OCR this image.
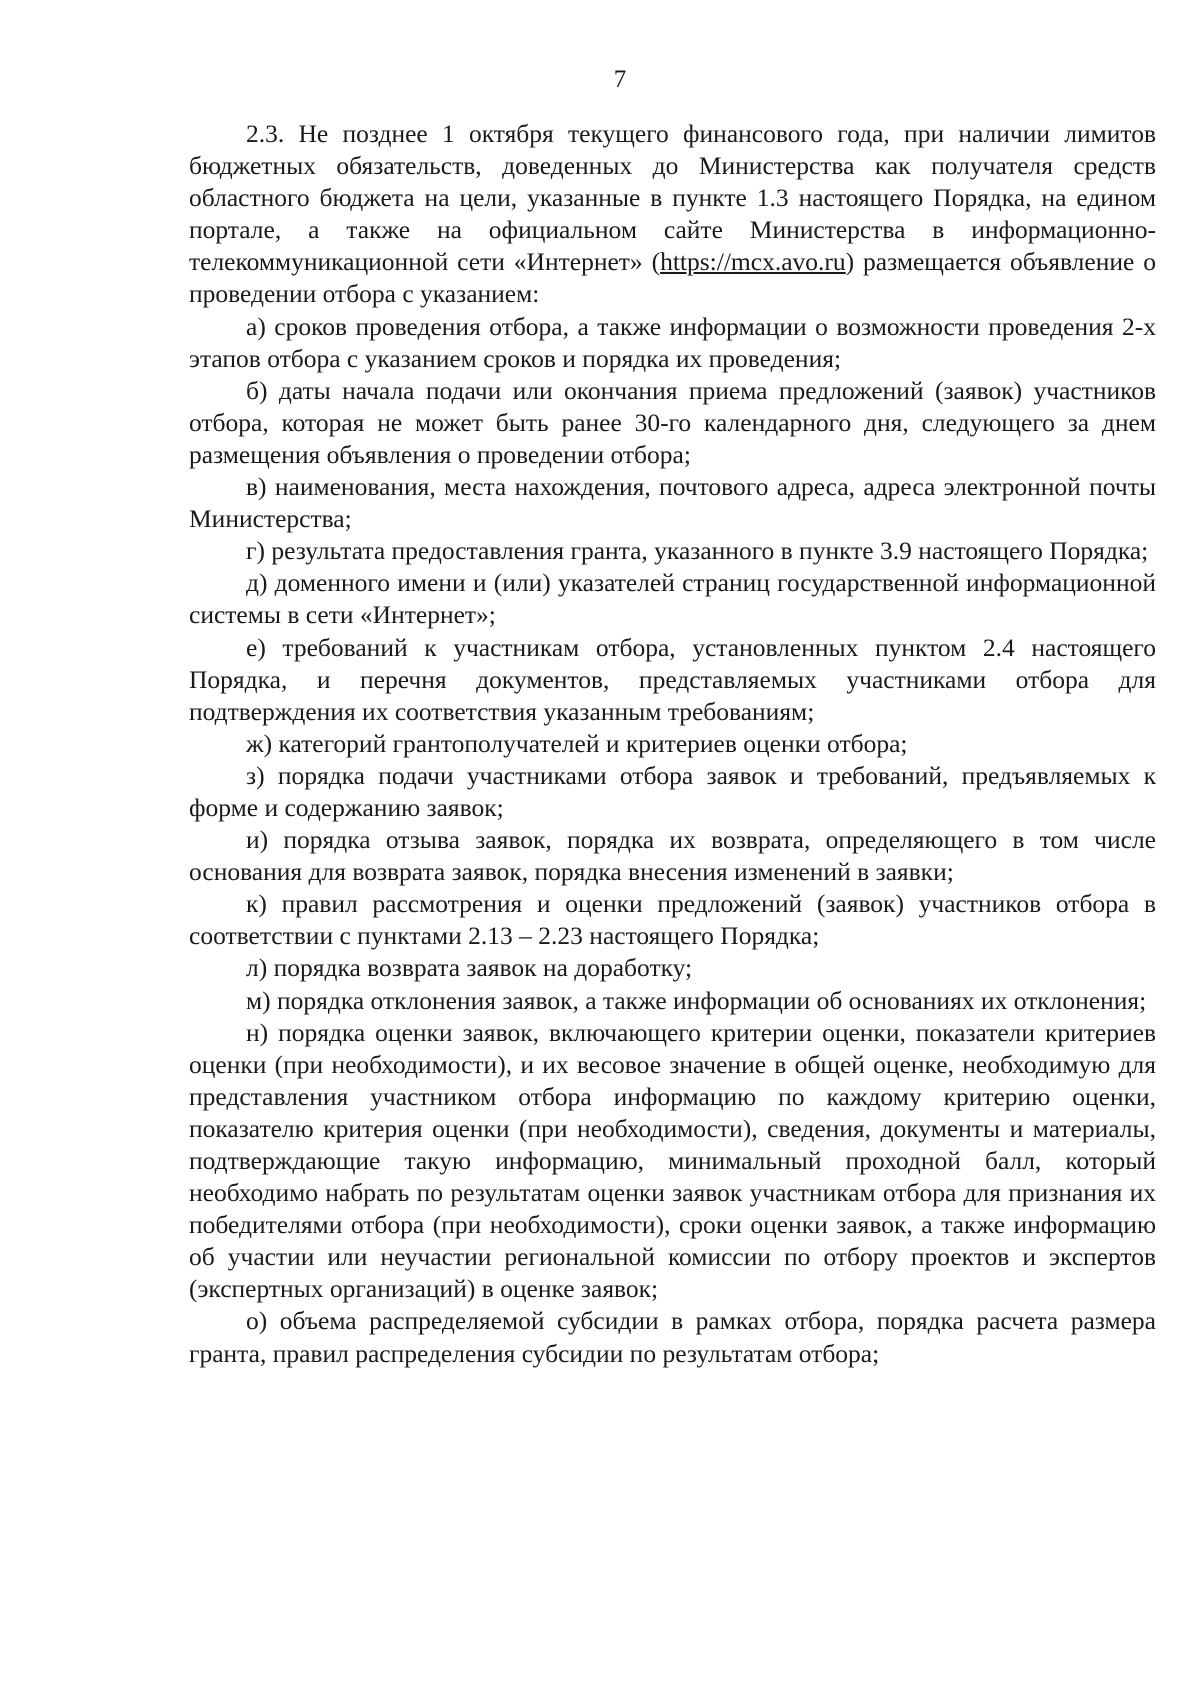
7

2.3. Не позднее 1 октября текущего финансового года, при наличии лимитов бюджетных обязательств, доведенных до Министерства как получателя средств областного бюджета на цели, указанные в пункте 1.3 настоящего Порядка, на едином портале, а также на официальном сайте Министерства в информационно-телекоммуникационной сети «Интернет» (https://mcx.avo.ru) размещается объявление о проведении отбора с указанием:

а) сроков проведения отбора, а также информации о возможности проведения 2-х этапов отбора с указанием сроков и порядка их проведения;

б) даты начала подачи или окончания приема предложений (заявок) участников отбора, которая не может быть ранее 30-го календарного дня, следующего за днем размещения объявления о проведении отбора;

в) наименования, места нахождения, почтового адреса, адреса электронной почты Министерства;

г) результата предоставления гранта, указанного в пункте 3.9 настоящего Порядка;

д) доменного имени и (или) указателей страниц государственной информационной системы в сети «Интернет»;

е) требований к участникам отбора, установленных пунктом 2.4 настоящего Порядка, и перечня документов, представляемых участниками отбора для подтверждения их соответствия указанным требованиям;

ж) категорий грантополучателей и критериев оценки отбора;

з) порядка подачи участниками отбора заявок и требований, предъявляемых к форме и содержанию заявок;

и) порядка отзыва заявок, порядка их возврата, определяющего в том числе основания для возврата заявок, порядка внесения изменений в заявки;

к) правил рассмотрения и оценки предложений (заявок) участников отбора в соответствии с пунктами 2.13 – 2.23 настоящего Порядка;

л) порядка возврата заявок на доработку;

м) порядка отклонения заявок, а также информации об основаниях их отклонения;

н) порядка оценки заявок, включающего критерии оценки, показатели критериев оценки (при необходимости), и их весовое значение в общей оценке, необходимую для представления участником отбора информацию по каждому критерию оценки, показателю критерия оценки (при необходимости), сведения, документы и материалы, подтверждающие такую информацию, минимальный проходной балл, который необходимо набрать по результатам оценки заявок участникам отбора для признания их победителями отбора (при необходимости), сроки оценки заявок, а также информацию об участии или неучастии региональной комиссии по отбору проектов и экспертов (экспертных организаций) в оценке заявок;

о) объема распределяемой субсидии в рамках отбора, порядка расчета размера гранта, правил распределения субсидии по результатам отбора;
